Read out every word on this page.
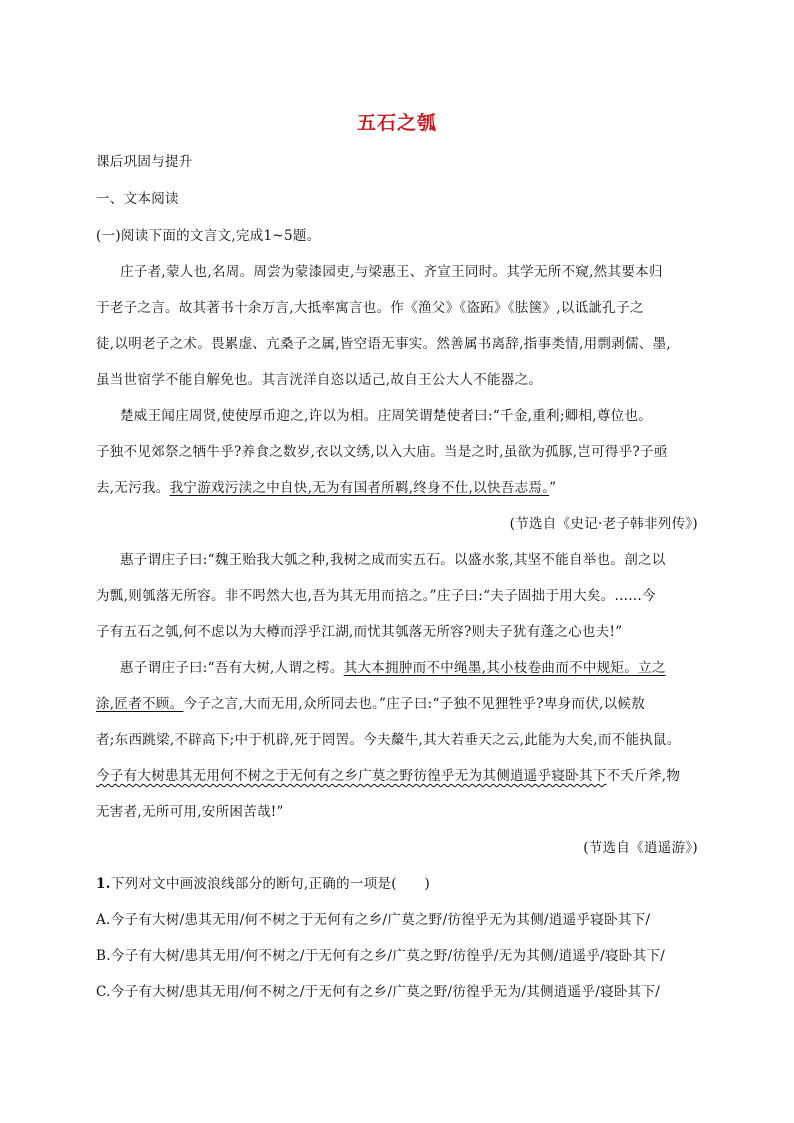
五石之瓠
课后巩固与提升
一、文本阅读
(一)阅读下面的文言文,完成1~5题。
庄子者,蒙人也,名周。周尝为蒙漆园吏,与梁惠王、齐宣王同时。其学无所不窥,然其要本归
于老子之言。故其著书十余万言,大抵率寓言也。作《渔父》《盗跖》《胠箧》,以诋訿孔子之
徒,以明老子之术。畏累虚、亢桑子之属,皆空语无事实。然善属书离辞,指事类情,用剽剥儒、墨,
虽当世宿学不能自解免也。其言洸洋自恣以适己,故自王公大人不能器之。
楚威王闻庄周贤,使使厚币迎之,许以为相。庄周笑谓楚使者曰:“千金,重利;卿相,尊位也。
子独不见郊祭之牺牛乎?养食之数岁,衣以文绣,以入大庙。当是之时,虽欲为孤豚,岂可得乎?子亟
去,无污我。我宁游戏污渎之中自快,无为有国者所羁,终身不仕,以快吾志焉。”
(节选自《史记·老子韩非列传》)
惠子谓庄子曰:“魏王贻我大瓠之种,我树之成而实五石。以盛水浆,其坚不能自举也。剖之以
为瓢,则瓠落无所容。非不呺然大也,吾为其无用而掊之。”庄子曰:“夫子固拙于用大矣。……今
子有五石之瓠,何不虑以为大樽而浮乎江湖,而忧其瓠落无所容?则夫子犹有蓬之心也夫!”
惠子谓庄子曰:“吾有大树,人谓之樗。其大本拥肿而不中绳墨,其小枝卷曲而不中规矩。立之
涂,匠者不顾。今子之言,大而无用,众所同去也。”庄子曰:“子独不见狸牲乎?卑身而伏,以候敖
者;东西跳梁,不辟高下;中于机辟,死于罔罟。今夫斄牛,其大若垂天之云,此能为大矣,而不能执鼠。
今子有大树患其无用何不树之于无何有之乡广莫之野彷徨乎无为其侧逍遥乎寝卧其下不夭斤斧,物
无害者,无所可用,安所困苦哉!”
(节选自《逍遥游》)
1.下列对文中画波浪线部分的断句,正确的一项是(　　)
A.今子有大树/患其无用/何不树之于无何有之乡/广莫之野/彷徨乎无为其侧/逍遥乎寝卧其下/
B.今子有大树/患其无用/何不树之/于无何有之乡/广莫之野/彷徨乎/无为其侧/逍遥乎/寝卧其下/
C.今子有大树/患其无用/何不树之/于无何有之乡/广莫之野/彷徨乎无为/其侧逍遥乎/寝卧其下/
